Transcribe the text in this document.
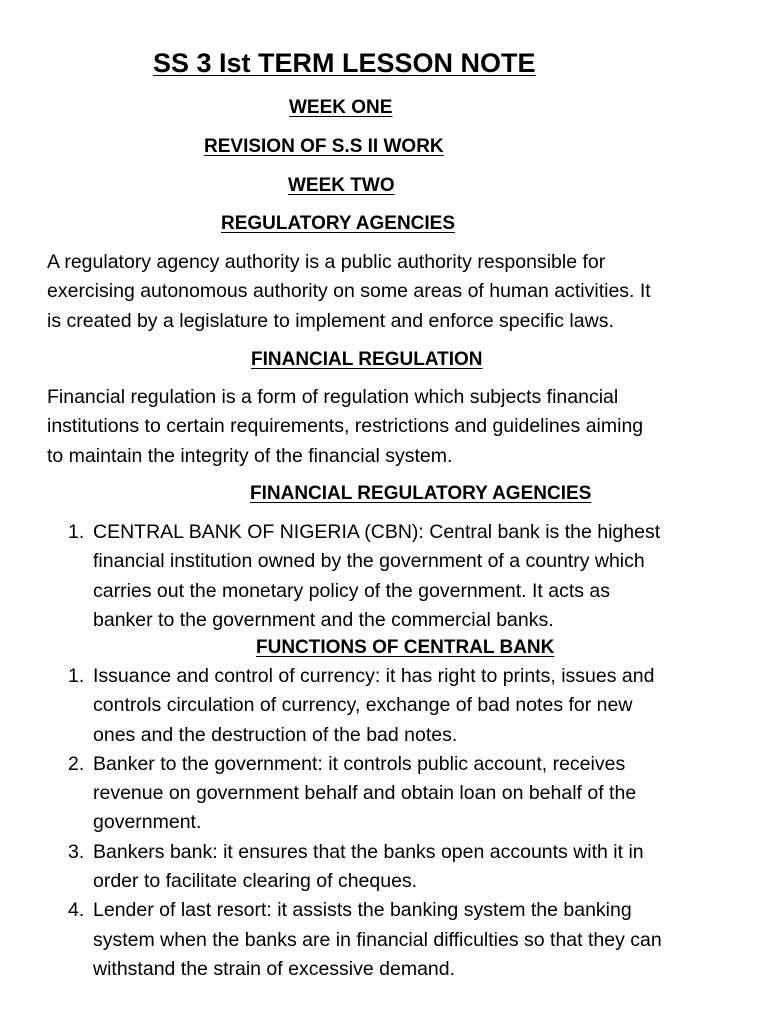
SS 3 Ist TERM LESSON NOTE
WEEK ONE
REVISION OF S.S II WORK
WEEK TWO
REGULATORY AGENCIES

A regulatory agency authority is a public authority responsible for
exercising autonomous authority on some areas of human activities. It
is created by a legislature to implement and enforce specific laws.

FINANCIAL REGULATION

Financial regulation is a form of regulation which subjects financial
institutions to certain requirements, restrictions and guidelines aiming
to maintain the integrity of the financial system.

FINANCIAL REGULATORY AGENCIES
1. CENTRAL BANK OF NIGERIA (CBN): Central bank is the highest
financial institution owned by the government of a country which
carries out the monetary policy of the government. It acts as
banker to the government and the commercial banks.
FUNCTIONS OF CENTRAL BANK
1. Issuance and control of currency: it has right to prints, issues and
controls circulation of currency, exchange of bad notes for new
ones and the destruction of the bad notes.
2. Banker to the government: it controls public account, receives
revenue on government behalf and obtain loan on behalf of the
government.
3. Bankers bank: it ensures that the banks open accounts with it in
order to facilitate clearing of cheques.
4. Lender of last resort: it assists the banking system the banking
system when the banks are in financial difficulties so that they can
withstand the strain of excessive demand.
